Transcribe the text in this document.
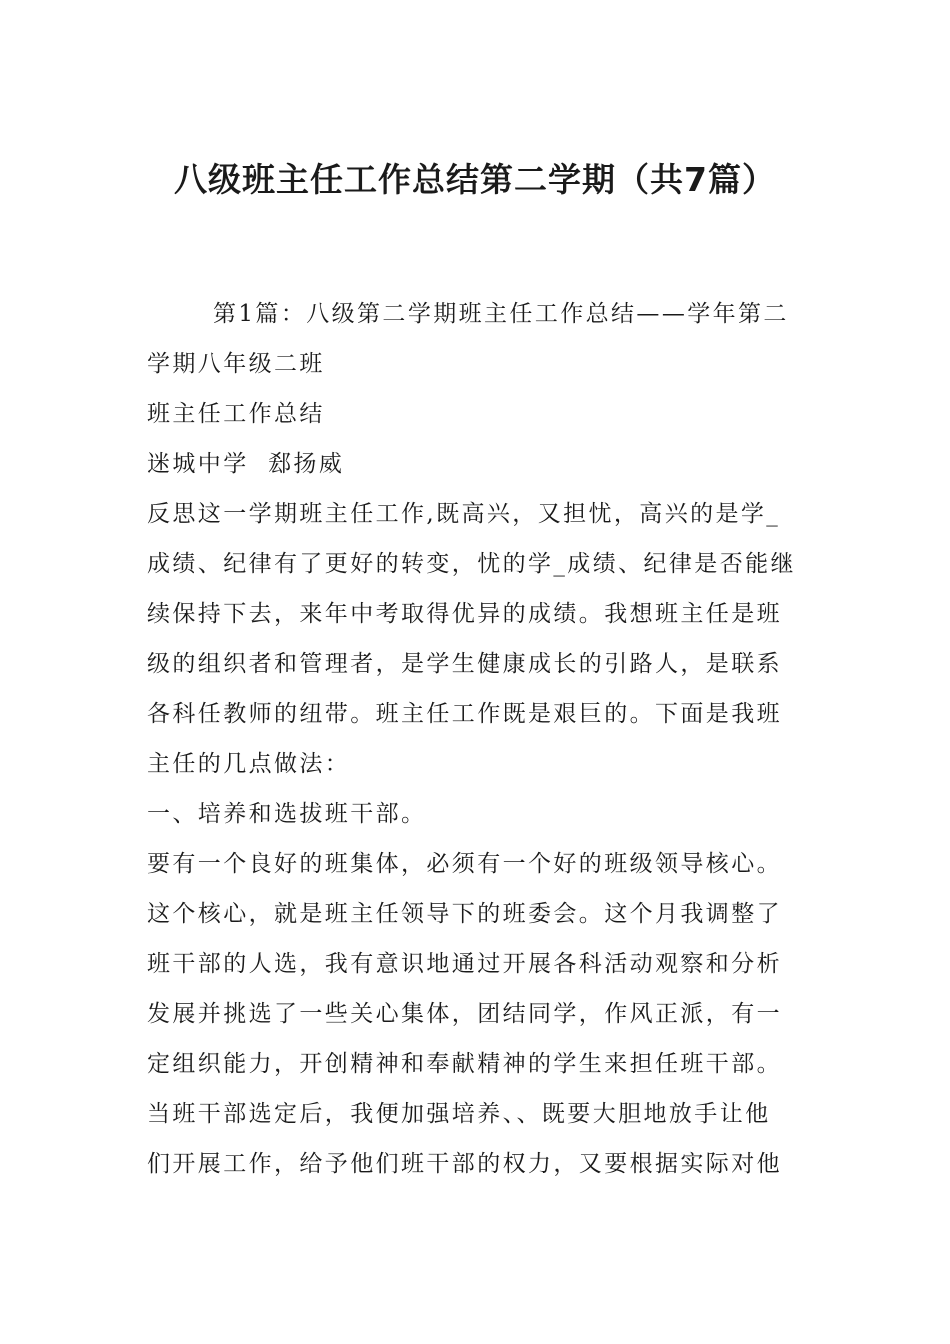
八级班主任工作总结第二学期（共7篇）
第1篇：八级第二学期班主任工作总结——学年第二
学期八年级二班
班主任工作总结
迷城中学  郄扬威
反思这一学期班主任工作,既高兴，又担忧，高兴的是学_
成绩、纪律有了更好的转变，忧的学_成绩、纪律是否能继
续保持下去，来年中考取得优异的成绩。我想班主任是班
级的组织者和管理者，是学生健康成长的引路人，是联系
各科任教师的纽带。班主任工作既是艰巨的。下面是我班
主任的几点做法：
一、培养和选拔班干部。
要有一个良好的班集体，必须有一个好的班级领导核心。
这个核心，就是班主任领导下的班委会。这个月我调整了
班干部的人选，我有意识地通过开展各科活动观察和分析
发展并挑选了一些关心集体，团结同学，作风正派，有一
定组织能力，开创精神和奉献精神的学生来担任班干部。
当班干部选定后，我便加强培养、、既要大胆地放手让他
们开展工作，给予他们班干部的权力，又要根据实际对他
